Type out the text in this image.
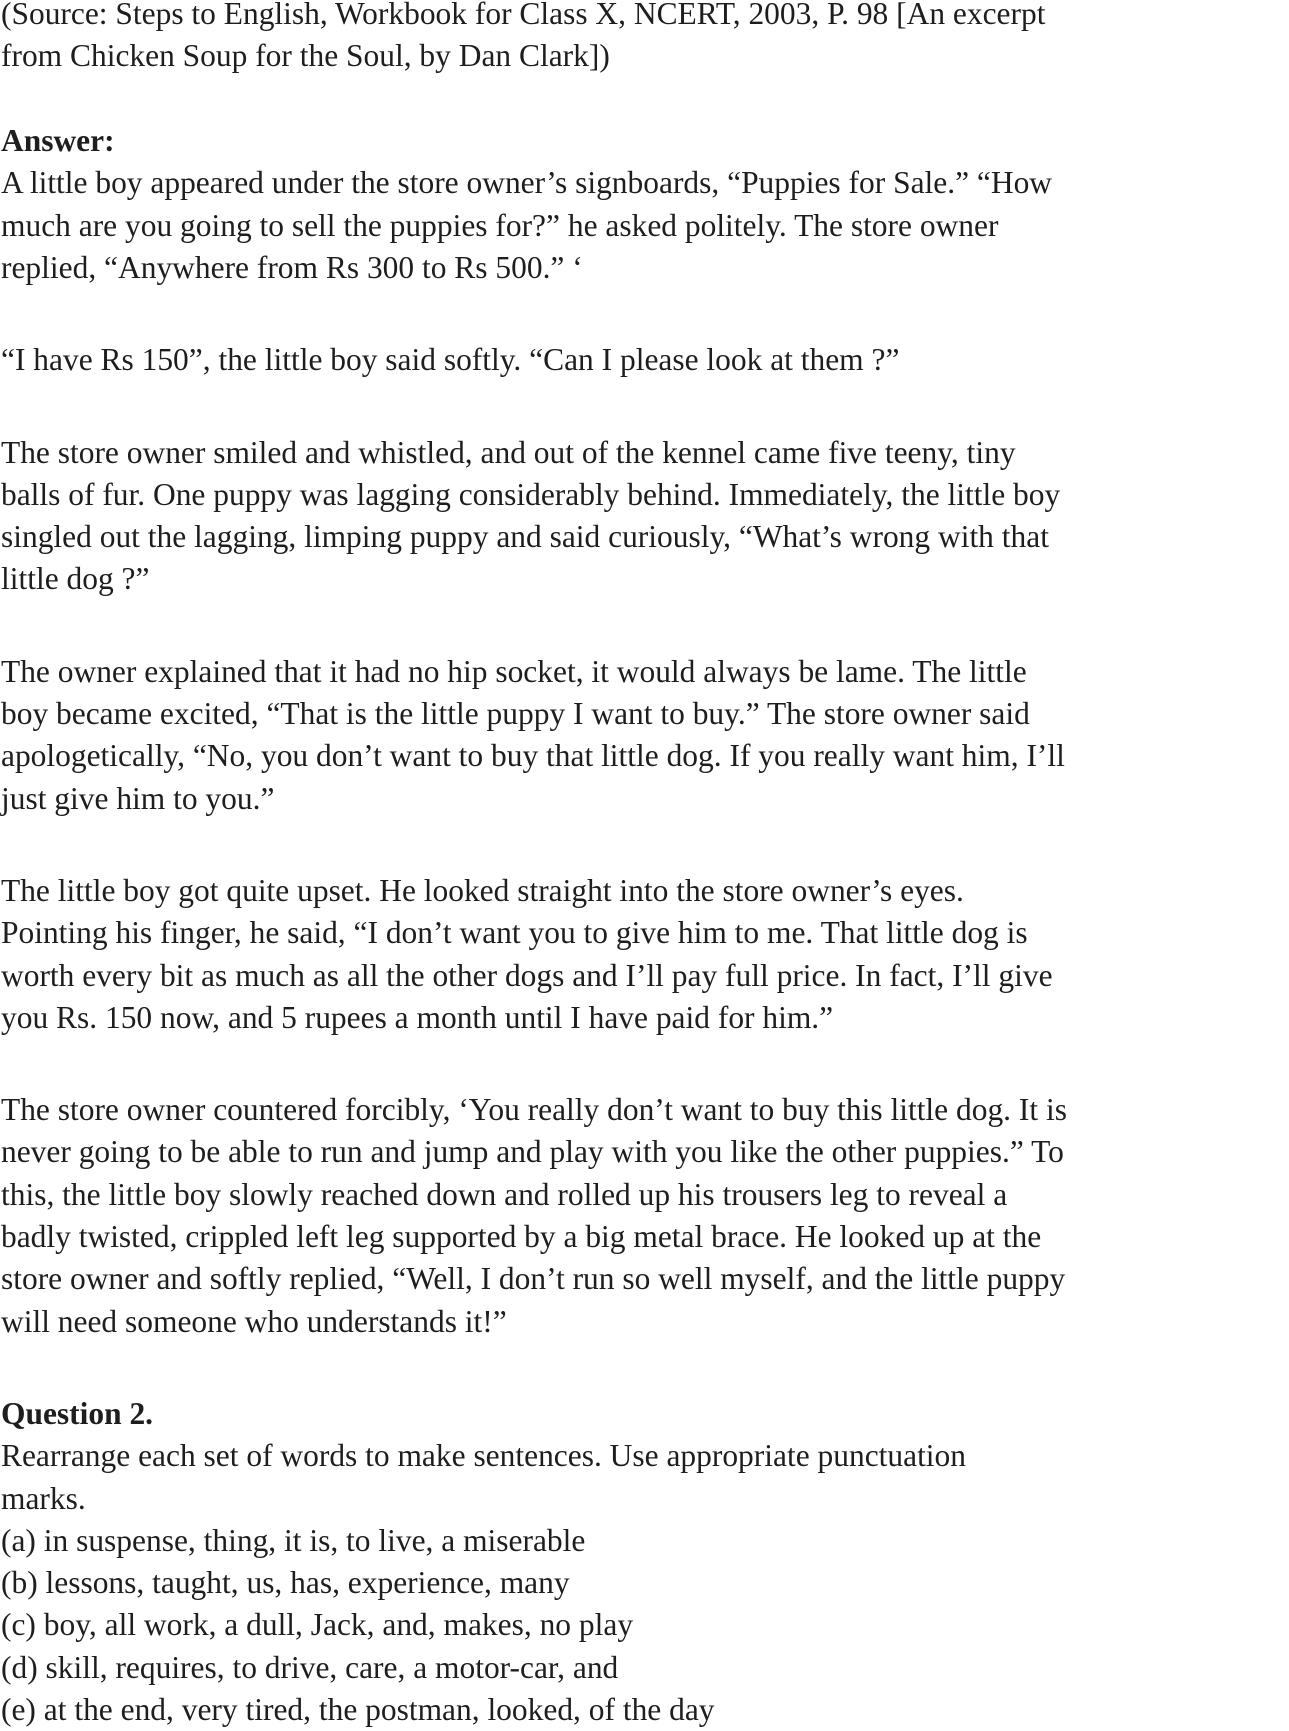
(Source: Steps to English, Workbook for Class X, NCERT, 2003, P. 98 [An excerpt
from Chicken Soup for the Soul, by Dan Clark])
Answer:
A little boy appeared under the store owner’s signboards, “Puppies for Sale.” “How
much are you going to sell the puppies for?” he asked politely. The store owner
replied, “Anywhere from Rs 300 to Rs 500.” ‘
“I have Rs 150”, the little boy said softly. “Can I please look at them ?”
The store owner smiled and whistled, and out of the kennel came five teeny, tiny
balls of fur. One puppy was lagging considerably behind. Immediately, the little boy
singled out the lagging, limping puppy and said curiously, “What’s wrong with that
little dog ?”
The owner explained that it had no hip socket, it would always be lame. The little
boy became excited, “That is the little puppy I want to buy.” The store owner said
apologetically, “No, you don’t want to buy that little dog. If you really want him, I’ll
just give him to you.”
The little boy got quite upset. He looked straight into the store owner’s eyes.
Pointing his finger, he said, “I don’t want you to give him to me. That little dog is
worth every bit as much as all the other dogs and I’ll pay full price. In fact, I’ll give
you Rs. 150 now, and 5 rupees a month until I have paid for him.”
The store owner countered forcibly, ‘You really don’t want to buy this little dog. It is
never going to be able to run and jump and play with you like the other puppies.” To
this, the little boy slowly reached down and rolled up his trousers leg to reveal a
badly twisted, crippled left leg supported by a big metal brace. He looked up at the
store owner and softly replied, “Well, I don’t run so well myself, and the little puppy
will need someone who understands it!”
Question 2.
Rearrange each set of words to make sentences. Use appropriate punctuation
marks.
(a) in suspense, thing, it is, to live, a miserable
(b) lessons, taught, us, has, experience, many
(c) boy, all work, a dull, Jack, and, makes, no play
(d) skill, requires, to drive, care, a motor-car, and
(e) at the end, very tired, the postman, looked, of the day
